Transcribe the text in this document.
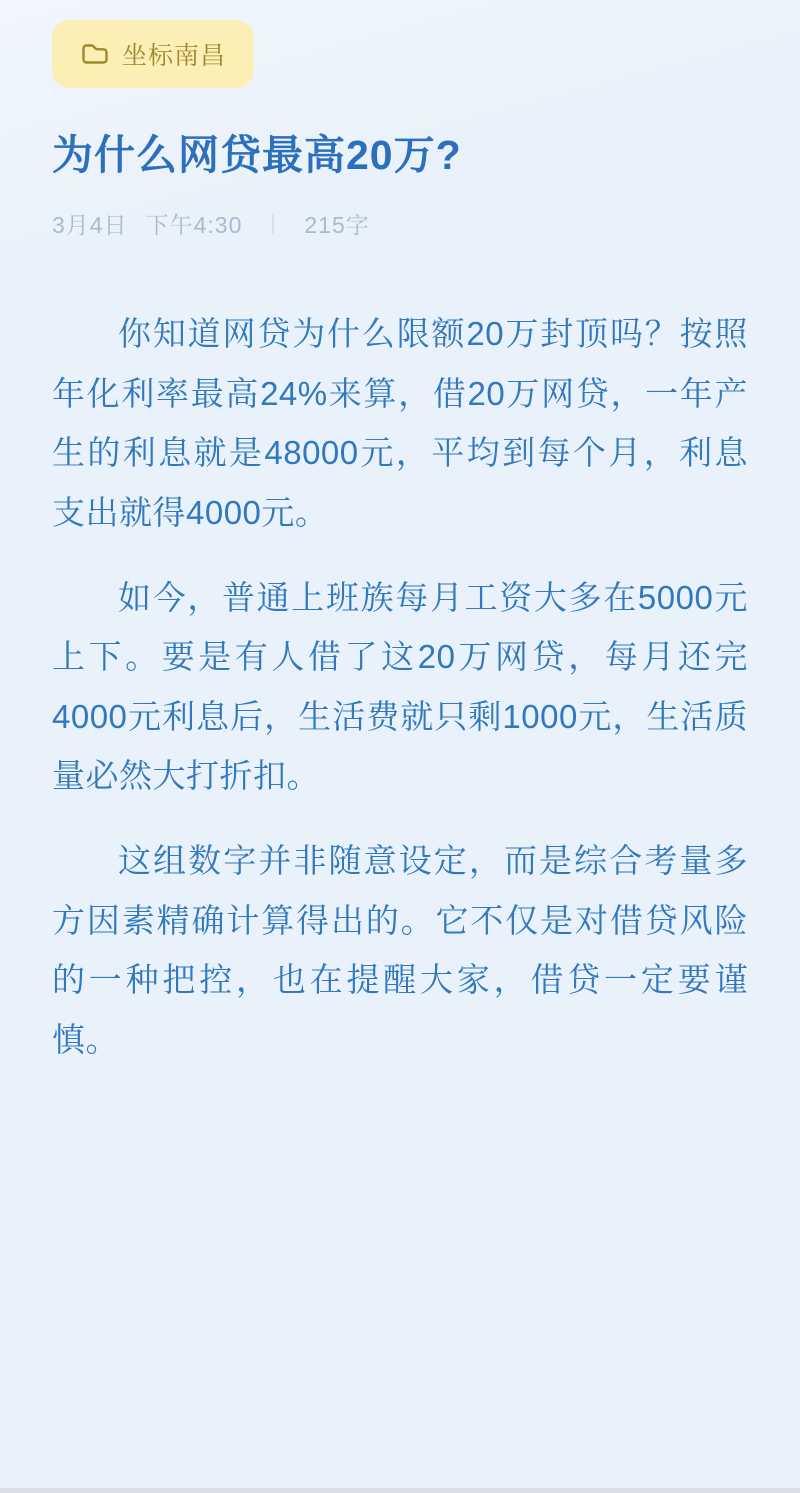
坐标南昌
为什么网贷最高20万?
3月4日 下午4:30 ｜ 215字

你知道网贷为什么限额20万封顶吗？按照年化利率最高24%来算，借20万网贷，一年产生的利息就是48000元，平均到每个月，利息支出就得4000元。

如今，普通上班族每月工资大多在5000元上下。要是有人借了这20万网贷，每月还完4000元利息后，生活费就只剩1000元，生活质量必然大打折扣。

这组数字并非随意设定，而是综合考量多方因素精确计算得出的。它不仅是对借贷风险的一种把控，也在提醒大家，借贷一定要谨慎。
